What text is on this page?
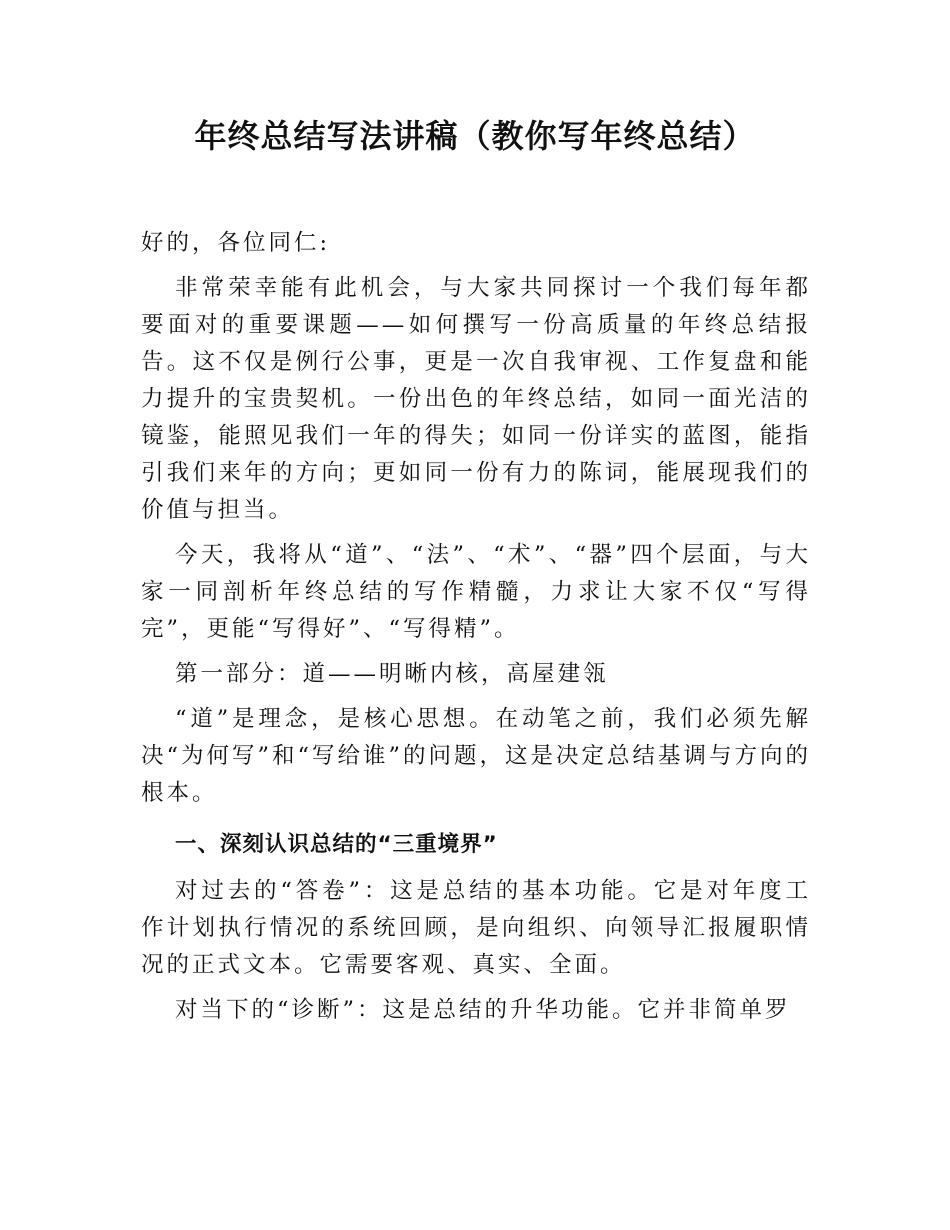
年终总结写法讲稿（教你写年终总结）

好的，各位同仁:

非常荣幸能有此机会，与大家共同探讨一个我们每年都要面对的重要课题——如何撰写一份高质量的年终总结报告。这不仅是例行公事，更是一次自我审视、工作复盘和能力提升的宝贵契机。一份出色的年终总结，如同一面光洁的镜鉴，能照见我们一年的得失；如同一份详实的蓝图，能指引我们来年的方向；更如同一份有力的陈词，能展现我们的价值与担当。

今天，我将从“道”、“法”、“术”、“器”四个层面，与大家一同剖析年终总结的写作精髓，力求让大家不仅“写得完”，更能“写得好”、“写得精”。

第一部分：道——明晰内核，高屋建瓴

“道”是理念，是核心思想。在动笔之前，我们必须先解决“为何写”和“写给谁”的问题，这是决定总结基调与方向的根本。

一、深刻认识总结的“三重境界”

对过去的“答卷”：这是总结的基本功能。它是对年度工作计划执行情况的系统回顾，是向组织、向领导汇报履职情况的正式文本。它需要客观、真实、全面。

对当下的“诊断”：这是总结的升华功能。它并非简单罗
